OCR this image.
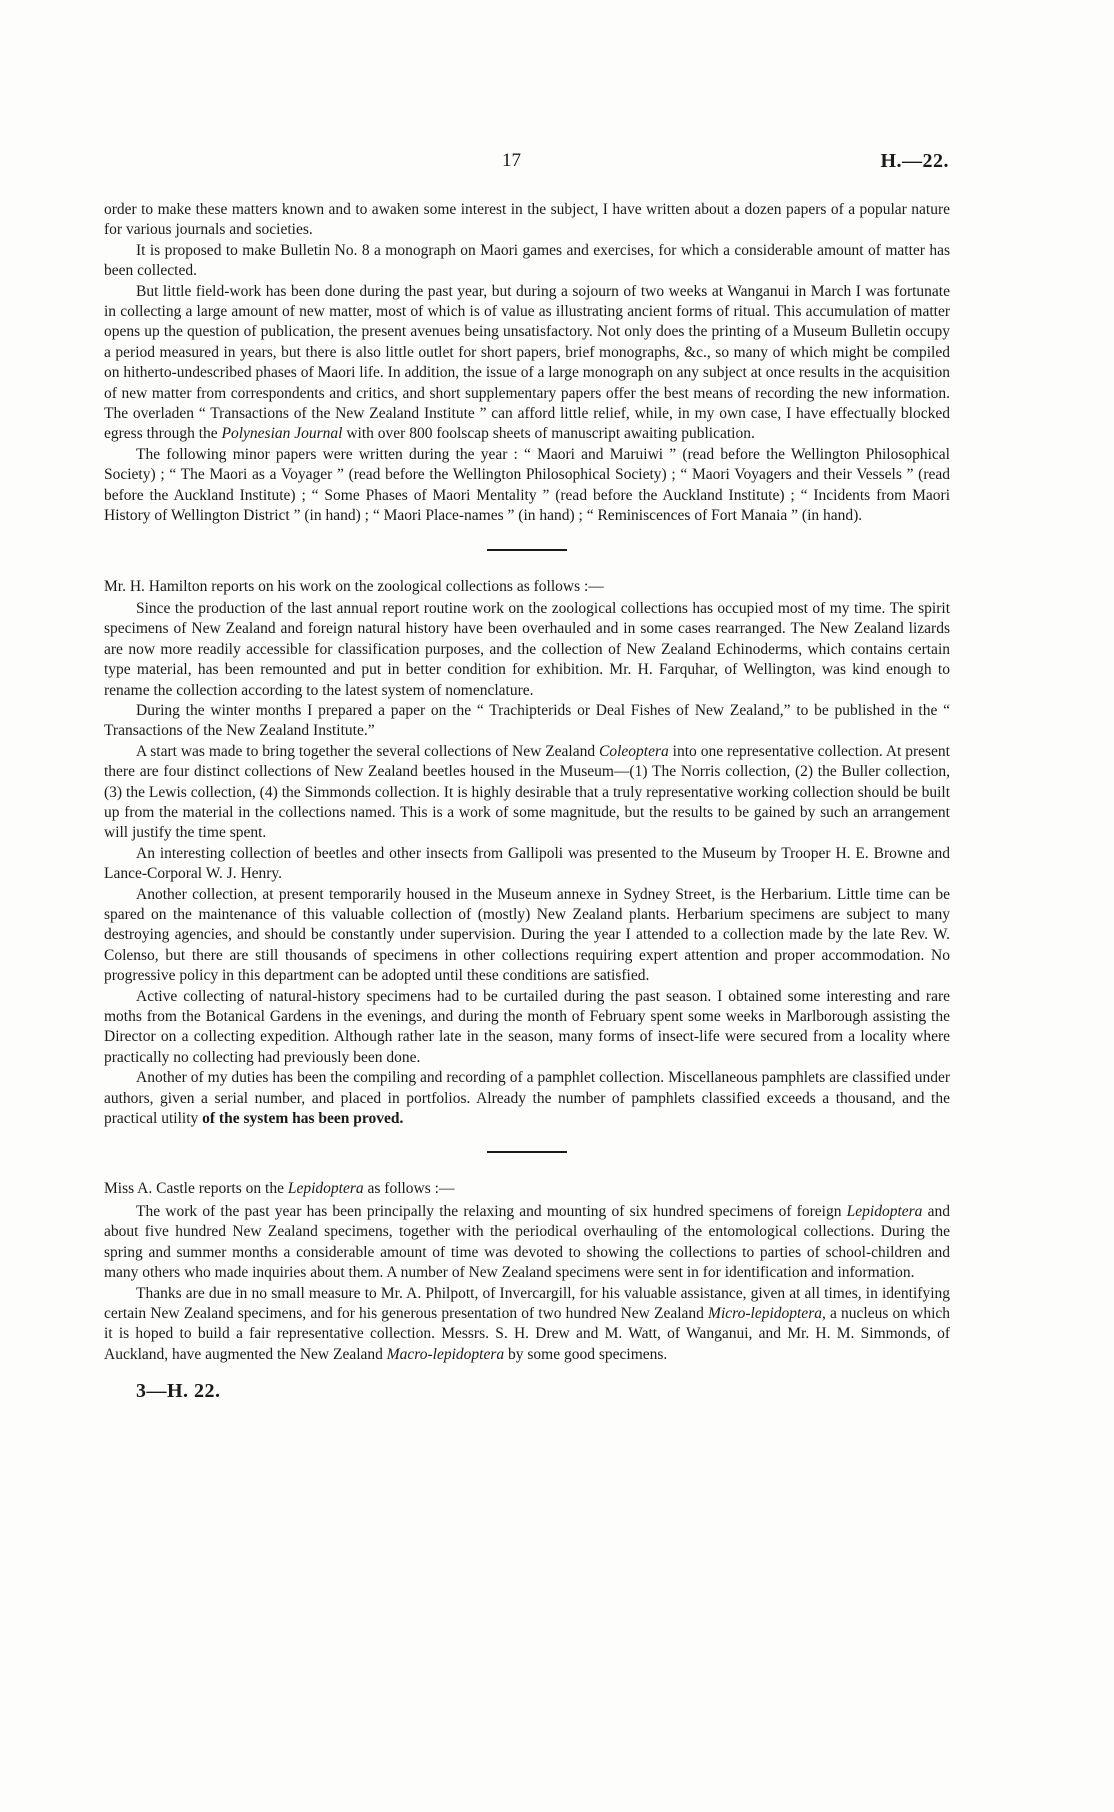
17	H.—22.

order to make these matters known and to awaken some interest in the subject, I have written about a dozen papers of a popular nature for various journals and societies.

It is proposed to make Bulletin No. 8 a monograph on Maori games and exercises, for which a considerable amount of matter has been collected.

But little field-work has been done during the past year, but during a sojourn of two weeks at Wanganui in March I was fortunate in collecting a large amount of new matter, most of which is of value as illustrating ancient forms of ritual. This accumulation of matter opens up the question of publication, the present avenues being unsatisfactory. Not only does the printing of a Museum Bulletin occupy a period measured in years, but there is also little outlet for short papers, brief monographs, &c., so many of which might be compiled on hitherto-undescribed phases of Maori life. In addition, the issue of a large monograph on any subject at once results in the acquisition of new matter from correspondents and critics, and short supplementary papers offer the best means of recording the new information. The overladen “ Transactions of the New Zealand Institute ” can afford little relief, while, in my own case, I have effectually blocked egress through the Polynesian Journal with over 800 foolscap sheets of manuscript awaiting publication.

The following minor papers were written during the year : “ Maori and Maruiwi ” (read before the Wellington Philosophical Society) ; “ The Maori as a Voyager ” (read before the Wellington Philosophical Society) ; “ Maori Voyagers and their Vessels ” (read before the Auckland Institute) ; “ Some Phases of Maori Mentality ” (read before the Auckland Institute) ; “ Incidents from Maori History of Wellington District ” (in hand) ; “ Maori Place-names ” (in hand) ; “ Reminiscences of Fort Manaia ” (in hand).

Mr. H. Hamilton reports on his work on the zoological collections as follows :—

Since the production of the last annual report routine work on the zoological collections has occupied most of my time. The spirit specimens of New Zealand and foreign natural history have been overhauled and in some cases rearranged. The New Zealand lizards are now more readily accessible for classification purposes, and the collection of New Zealand Echinoderms, which contains certain type material, has been remounted and put in better condition for exhibition. Mr. H. Farquhar, of Wellington, was kind enough to rename the collection according to the latest system of nomenclature.

During the winter months I prepared a paper on the “ Trachipterids or Deal Fishes of New Zealand,” to be published in the “ Transactions of the New Zealand Institute.”

A start was made to bring together the several collections of New Zealand Coleoptera into one representative collection. At present there are four distinct collections of New Zealand beetles housed in the Museum—(1) The Norris collection, (2) the Buller collection, (3) the Lewis collection, (4) the Simmonds collection. It is highly desirable that a truly representative working collection should be built up from the material in the collections named. This is a work of some magnitude, but the results to be gained by such an arrangement will justify the time spent.

An interesting collection of beetles and other insects from Gallipoli was presented to the Museum by Trooper H. E. Browne and Lance-Corporal W. J. Henry.

Another collection, at present temporarily housed in the Museum annexe in Sydney Street, is the Herbarium. Little time can be spared on the maintenance of this valuable collection of (mostly) New Zealand plants. Herbarium specimens are subject to many destroying agencies, and should be constantly under supervision. During the year I attended to a collection made by the late Rev. W. Colenso, but there are still thousands of specimens in other collections requiring expert attention and proper accommodation. No progressive policy in this department can be adopted until these conditions are satisfied.

Active collecting of natural-history specimens had to be curtailed during the past season. I obtained some interesting and rare moths from the Botanical Gardens in the evenings, and during the month of February spent some weeks in Marlborough assisting the Director on a collecting expedition. Although rather late in the season, many forms of insect-life were secured from a locality where practically no collecting had previously been done.

Another of my duties has been the compiling and recording of a pamphlet collection. Miscellaneous pamphlets are classified under authors, given a serial number, and placed in portfolios. Already the number of pamphlets classified exceeds a thousand, and the practical utility of the system has been proved.

Miss A. Castle reports on the Lepidoptera as follows :—

The work of the past year has been principally the relaxing and mounting of six hundred specimens of foreign Lepidoptera and about five hundred New Zealand specimens, together with the periodical overhauling of the entomological collections. During the spring and summer months a considerable amount of time was devoted to showing the collections to parties of school-children and many others who made inquiries about them. A number of New Zealand specimens were sent in for identification and information.

Thanks are due in no small measure to Mr. A. Philpott, of Invercargill, for his valuable assistance, given at all times, in identifying certain New Zealand specimens, and for his generous presentation of two hundred New Zealand Micro-lepidoptera, a nucleus on which it is hoped to build a fair representative collection. Messrs. S. H. Drew and M. Watt, of Wanganui, and Mr. H. M. Simmonds, of Auckland, have augmented the New Zealand Macro-lepidoptera by some good specimens.

3—H. 22.
